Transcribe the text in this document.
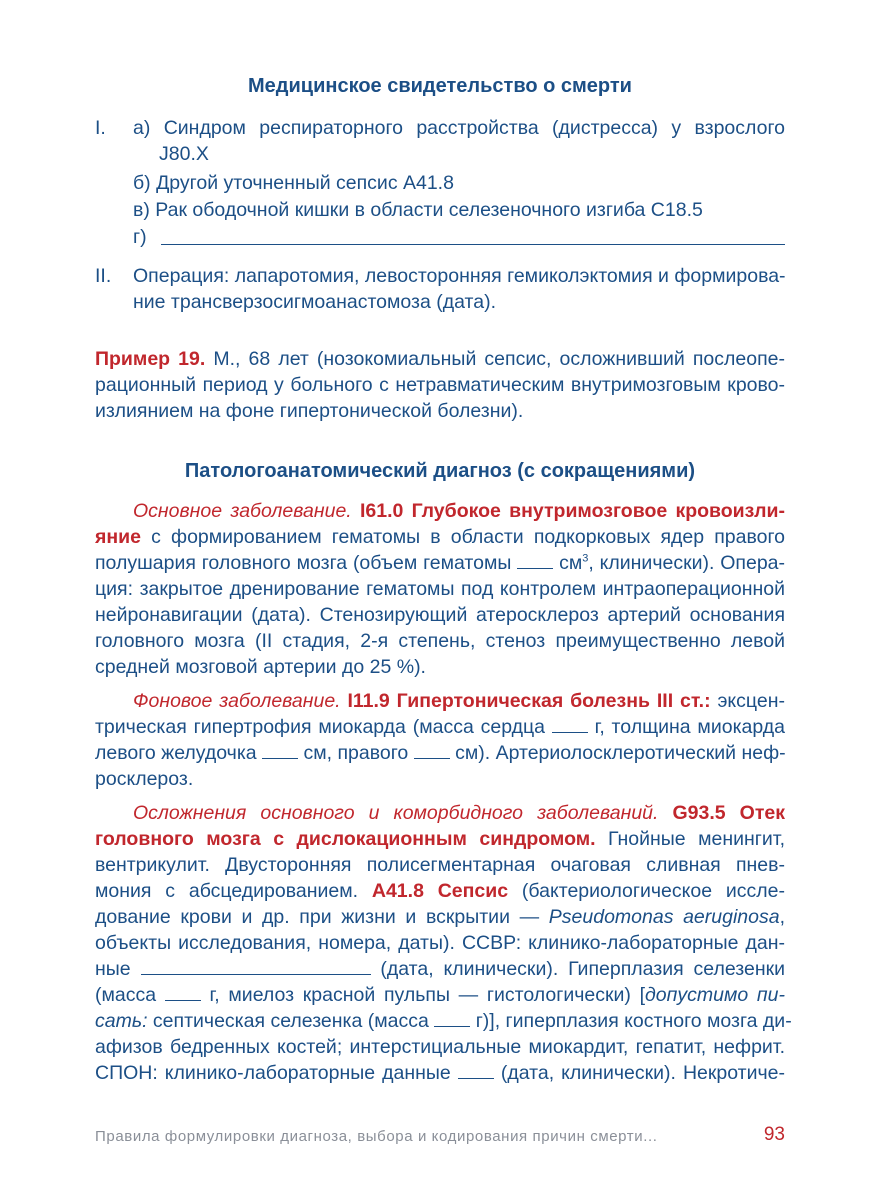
Медицинское свидетельство о смерти
I. а) Синдром респираторного расстройства (дистресса) у взрослого
J80.X
б) Другой уточненный сепсис А41.8
в) Рак ободочной кишки в области селезеночного изгиба С18.5
г)
II. Операция: лапаротомия, левосторонняя гемиколэктомия и формирова-
ние трансверзосигмоанастомоза (дата).
Пример 19. М., 68 лет (нозокомиальный сепсис, осложнивший послеопе-
рационный период у больного с нетравматическим внутримозговым крово-
излиянием на фоне гипертонической болезни).
Патологоанатомический диагноз (с сокращениями)
Основное заболевание. I61.0 Глубокое внутримозговое кровоизли-
яние с формированием гематомы в области подкорковых ядер правого
полушария головного мозга (объем гематомы $см^3$, клинически). Опера-
ция: закрытое дренирование гематомы под контролем интраоперационной
нейронавигации (дата). Стенозирующий атеросклероз артерий основания
головного мозга (II стадия, 2-я степень, стеноз преимущественно левой
средней мозговой артерии до 25 %).
Фоновое заболевание. I11.9 Гипертоническая болезнь III ст.: эксцен-
трическая гипертрофия миокарда (масса сердца	г, толщина миокарда
левого желудочка см, правого см). Артериолосклеротический неф-
росклероз.
Осложнения основного и коморбидного заболеваний. G93.5 Отек
головного мозга с дислокационным синдромом. Гнойные менингит,
вентрикулит. Двусторонняя полисегментарная очаговая сливная пнев-
мония с абсцедированием. А41.8 Сепсис (бактериологическое иссле-
дование крови и др. при жизни и вскрытии — Pseudomonas aeruginosa,
объекты исследования, номера, даты). ССВР: клинико-лабораторные дан-
ные	(дата, клинически). Гиперплазия селезенки
(масса	г, миелоз красной пульпы — гистологически) [допустимо пи-
сать: септическая селезенка (масса г)], гиперплазия костного мозга ди-
афизов бедренных костей; интерстициальные миокардит, гепатит, нефрит.
СПОН: клинико-лабораторные данные	(дата, клинически). Некротиче-
Правила формулировки диагноза, выбора и кодирования причин смерти...	93
